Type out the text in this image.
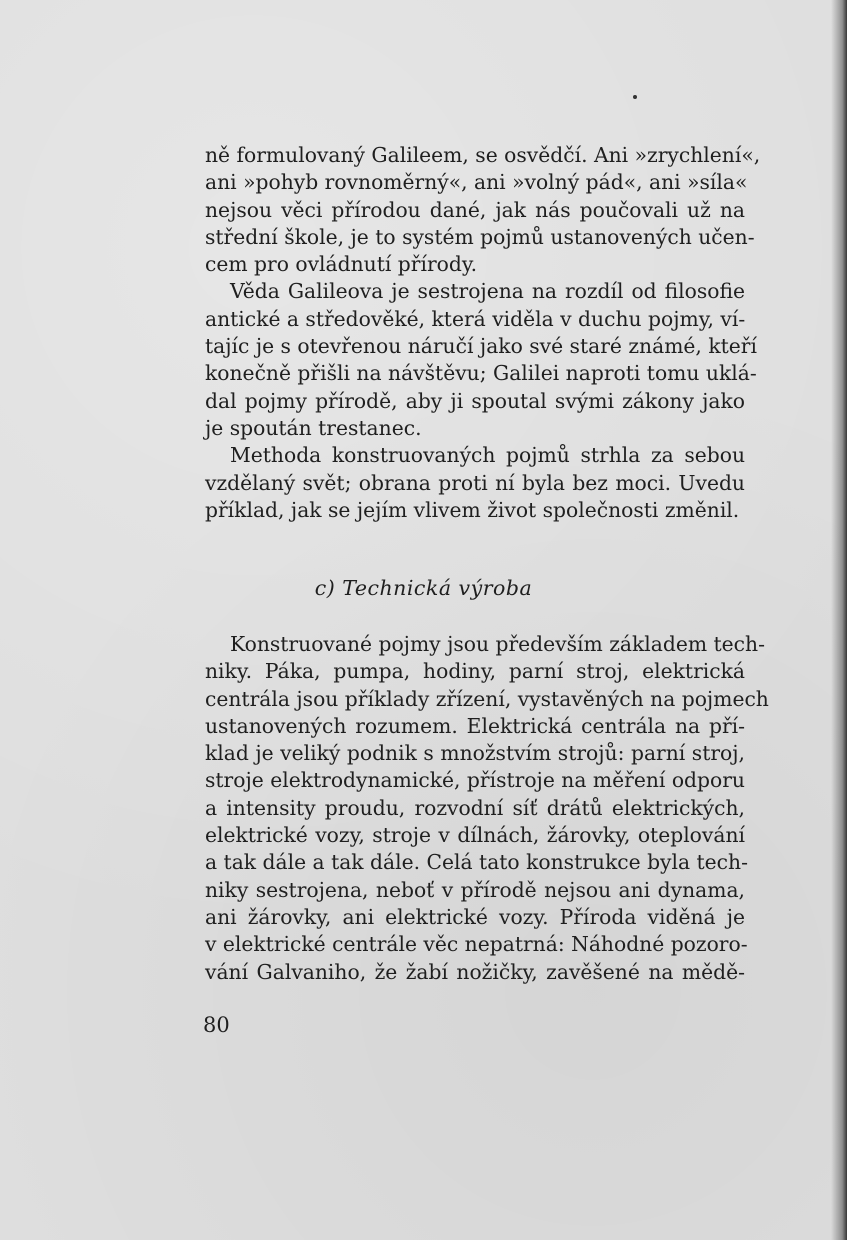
ně formulovaný Galileem, se osvědčí. Ani »zrychlení«,
ani »pohyb rovnoměrný«, ani »volný pád«, ani »síla«
nejsou věci přírodou dané, jak nás poučovali už na
střední škole, je to systém pojmů ustanovených učen-
cem pro ovládnutí přírody.
Věda Galileova je sestrojena na rozdíl od filosofie
antické a středověké, která viděla v duchu pojmy, ví-
tajíc je s otevřenou náručí jako své staré známé, kteří
konečně přišli na návštěvu; Galilei naproti tomu uklá-
dal pojmy přírodě, aby ji spoutal svými zákony jako
je spoután trestanec.
Methoda konstruovaných pojmů strhla za sebou
vzdělaný svět; obrana proti ní byla bez moci. Uvedu
příklad, jak se jejím vlivem život společnosti změnil.
c) Technická výroba
Konstruované pojmy jsou především základem tech-
niky. Páka, pumpa, hodiny, parní stroj, elektrická
centrála jsou příklady zřízení, vystavěných na pojmech
ustanovených rozumem. Elektrická centrála na pří-
klad je veliký podnik s množstvím strojů: parní stroj,
stroje elektrodynamické, přístroje na měření odporu
a intensity proudu, rozvodní síť drátů elektrických,
elektrické vozy, stroje v dílnách, žárovky, oteplování
a tak dále a tak dále. Celá tato konstrukce byla tech-
niky sestrojena, neboť v přírodě nejsou ani dynama,
ani žárovky, ani elektrické vozy. Příroda viděná je
v elektrické centrále věc nepatrná: Náhodné pozoro-
vání Galvaniho, že žabí nožičky, zavěšené na mědě-
80
